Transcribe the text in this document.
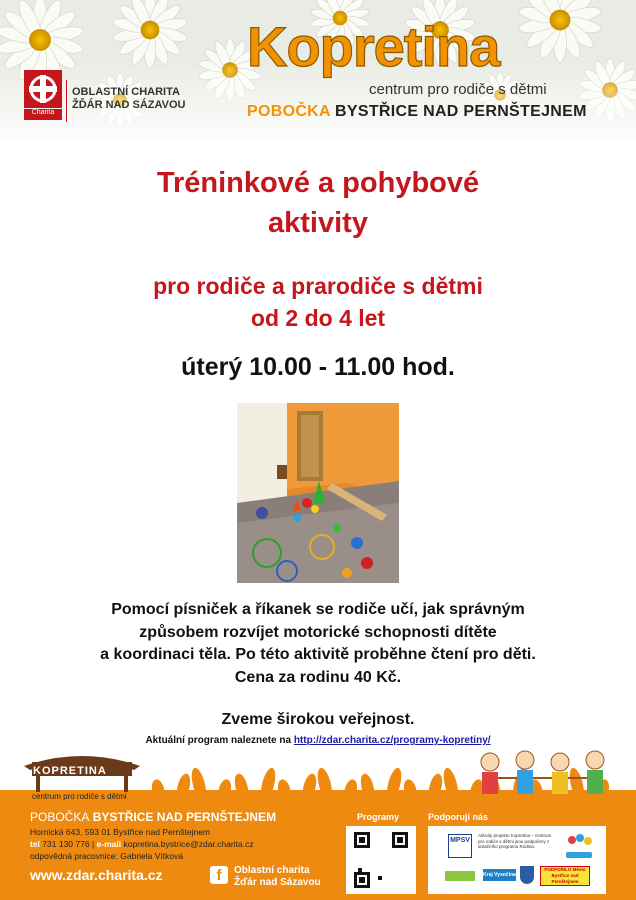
Charita
OBLASTNÍ CHARITA
ŽĎÁR NAD SÁZAVOU
Kopretina
centrum pro rodiče s dětmi
POBOČKA BYSTŘICE NAD PERNŠTEJNEM
Tréninkové a pohybové
aktivity
pro rodiče a prarodiče s dětmi
od 2 do 4 let
úterý 10.00 - 11.00 hod.
Pomocí písniček a říkanek se rodiče učí, jak správným
způsobem rozvíjet motorické schopnosti dítěte
a koordinaci těla. Po této aktivitě proběhne čtení pro děti.
Cena za rodinu 40 Kč.
Zveme širokou veřejnost.
Aktuální program naleznete na http://zdar.charita.cz/programy-kopretiny/
KOPRETINA
centrum pro rodiče s dětmi
POBOČKA BYSTŘICE NAD PERNŠTEJNEM
Hornická 643, 593 01 Bystřice nad Pernštejnem
tel 731 130 776 | e-mail kopretina.bystrice@zdar.charita.cz
odpovědná pracovnice: Gabriela Vítková
www.zdar.charita.cz	f	Oblastní charita
Žďár nad Sázavou
Programy	Podporují nás
MPSV
Aktivity projektu Kopretina – centrum pro rodiče s dětmi jsou podpořeny z dotačního programu Rodina.
Kraj Vysočina
PODPOŘILO Město Bystřice nad Pernštejnem
